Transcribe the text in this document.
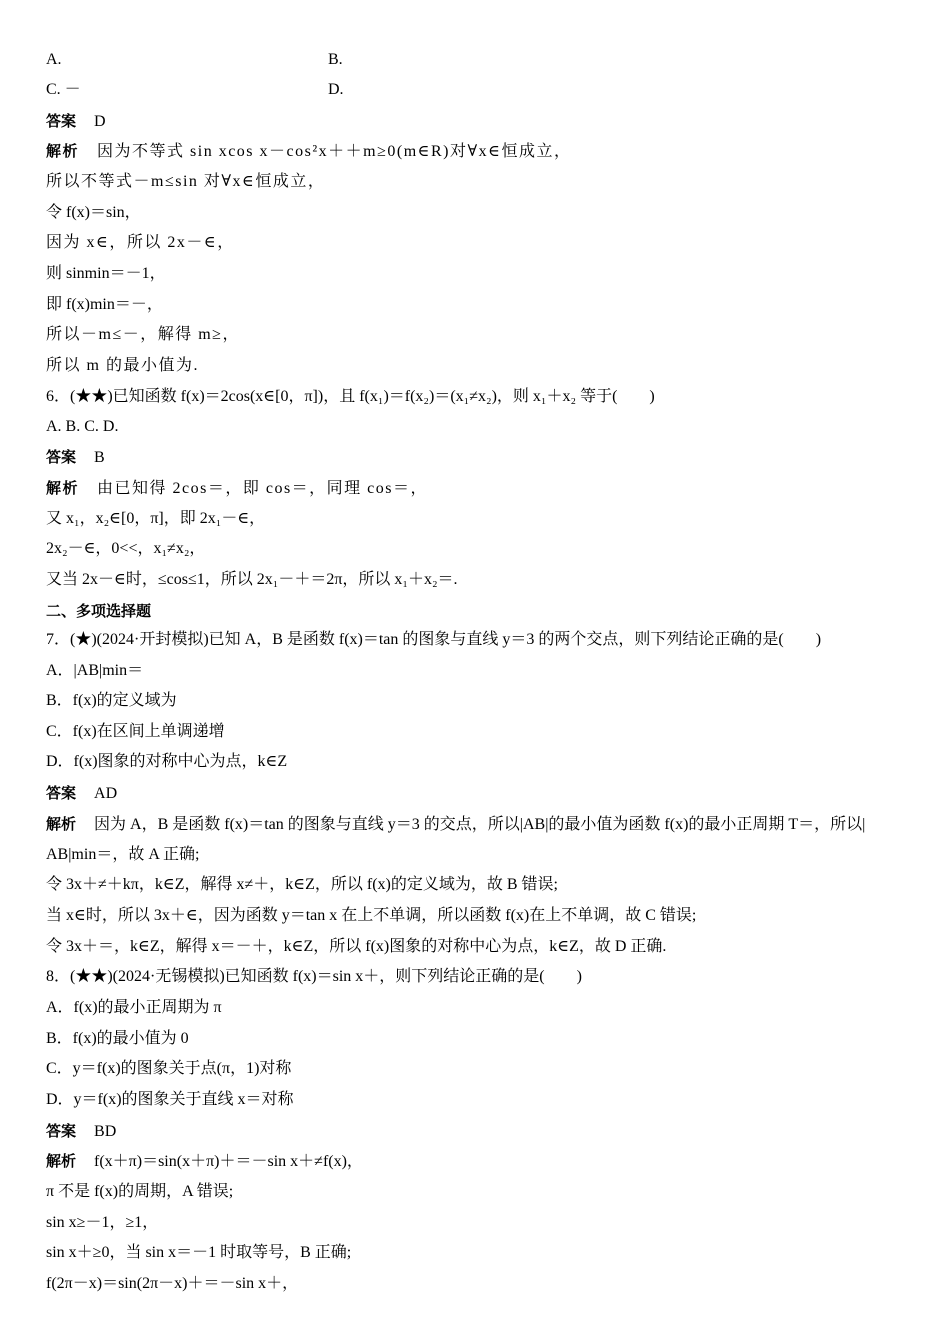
A.	B.
C. －	D.
答案 D
解析 因为不等式 sin xcos x－cos²x＋＋m≥0(m∈R)对∀x∈恒成立，
所以不等式－m≤sin 对∀x∈恒成立，
令 f(x)＝sin，
因为 x∈，所以 2x－∈，
则 sinmin＝－1，
即 f(x)min＝－，
所以－m≤－，解得 m≥，
所以 m 的最小值为.
6．(★★)已知函数 f(x)＝2cos(x∈[0，π])，且 f(x₁)＝f(x₂)＝(x₁≠x₂)，则 x₁＋x₂ 等于(　　)
A. B. C. D.
答案 B
解析 由已知得 2cos＝，即 cos＝，同理 cos＝，
又 x₁，x₂∈[0，π]，即 2x₁－∈，
2x₂－∈，0<<，x₁≠x₂，
又当 2x－∈时，≤cos≤1，所以 2x₁－＋＝2π，所以 x₁＋x₂＝.
二、多项选择题
7．(★)(2024·开封模拟)已知 A，B 是函数 f(x)＝tan 的图象与直线 y＝3 的两个交点，则下列结论正确的是(　　)
A．|AB|min＝
B．f(x)的定义域为
C．f(x)在区间上单调递增
D．f(x)图象的对称中心为点，k∈Z
答案 AD
解析 因为 A，B 是函数 f(x)＝tan 的图象与直线 y＝3 的交点，所以|AB|的最小值为函数 f(x)的最小正周期 T＝，所以|
AB|min＝，故 A 正确;
令 3x＋≠＋kπ，k∈Z，解得 x≠＋，k∈Z，所以 f(x)的定义域为，故 B 错误;
当 x∈时，所以 3x＋∈，因为函数 y＝tan x 在上不单调，所以函数 f(x)在上不单调，故 C 错误;
令 3x＋＝，k∈Z，解得 x＝－＋，k∈Z，所以 f(x)图象的对称中心为点，k∈Z，故 D 正确.
8．(★★)(2024·无锡模拟)已知函数 f(x)＝sin x＋，则下列结论正确的是(　　)
A．f(x)的最小正周期为 π
B．f(x)的最小值为 0
C．y＝f(x)的图象关于点(π，1)对称
D．y＝f(x)的图象关于直线 x＝对称
答案 BD
解析 f(x＋π)＝sin(x＋π)＋＝－sin x＋≠f(x)，
π 不是 f(x)的周期，A 错误;
sin x≥－1，≥1，
sin x＋≥0，当 sin x＝－1 时取等号，B 正确;
f(2π－x)＝sin(2π－x)＋＝－sin x＋，
